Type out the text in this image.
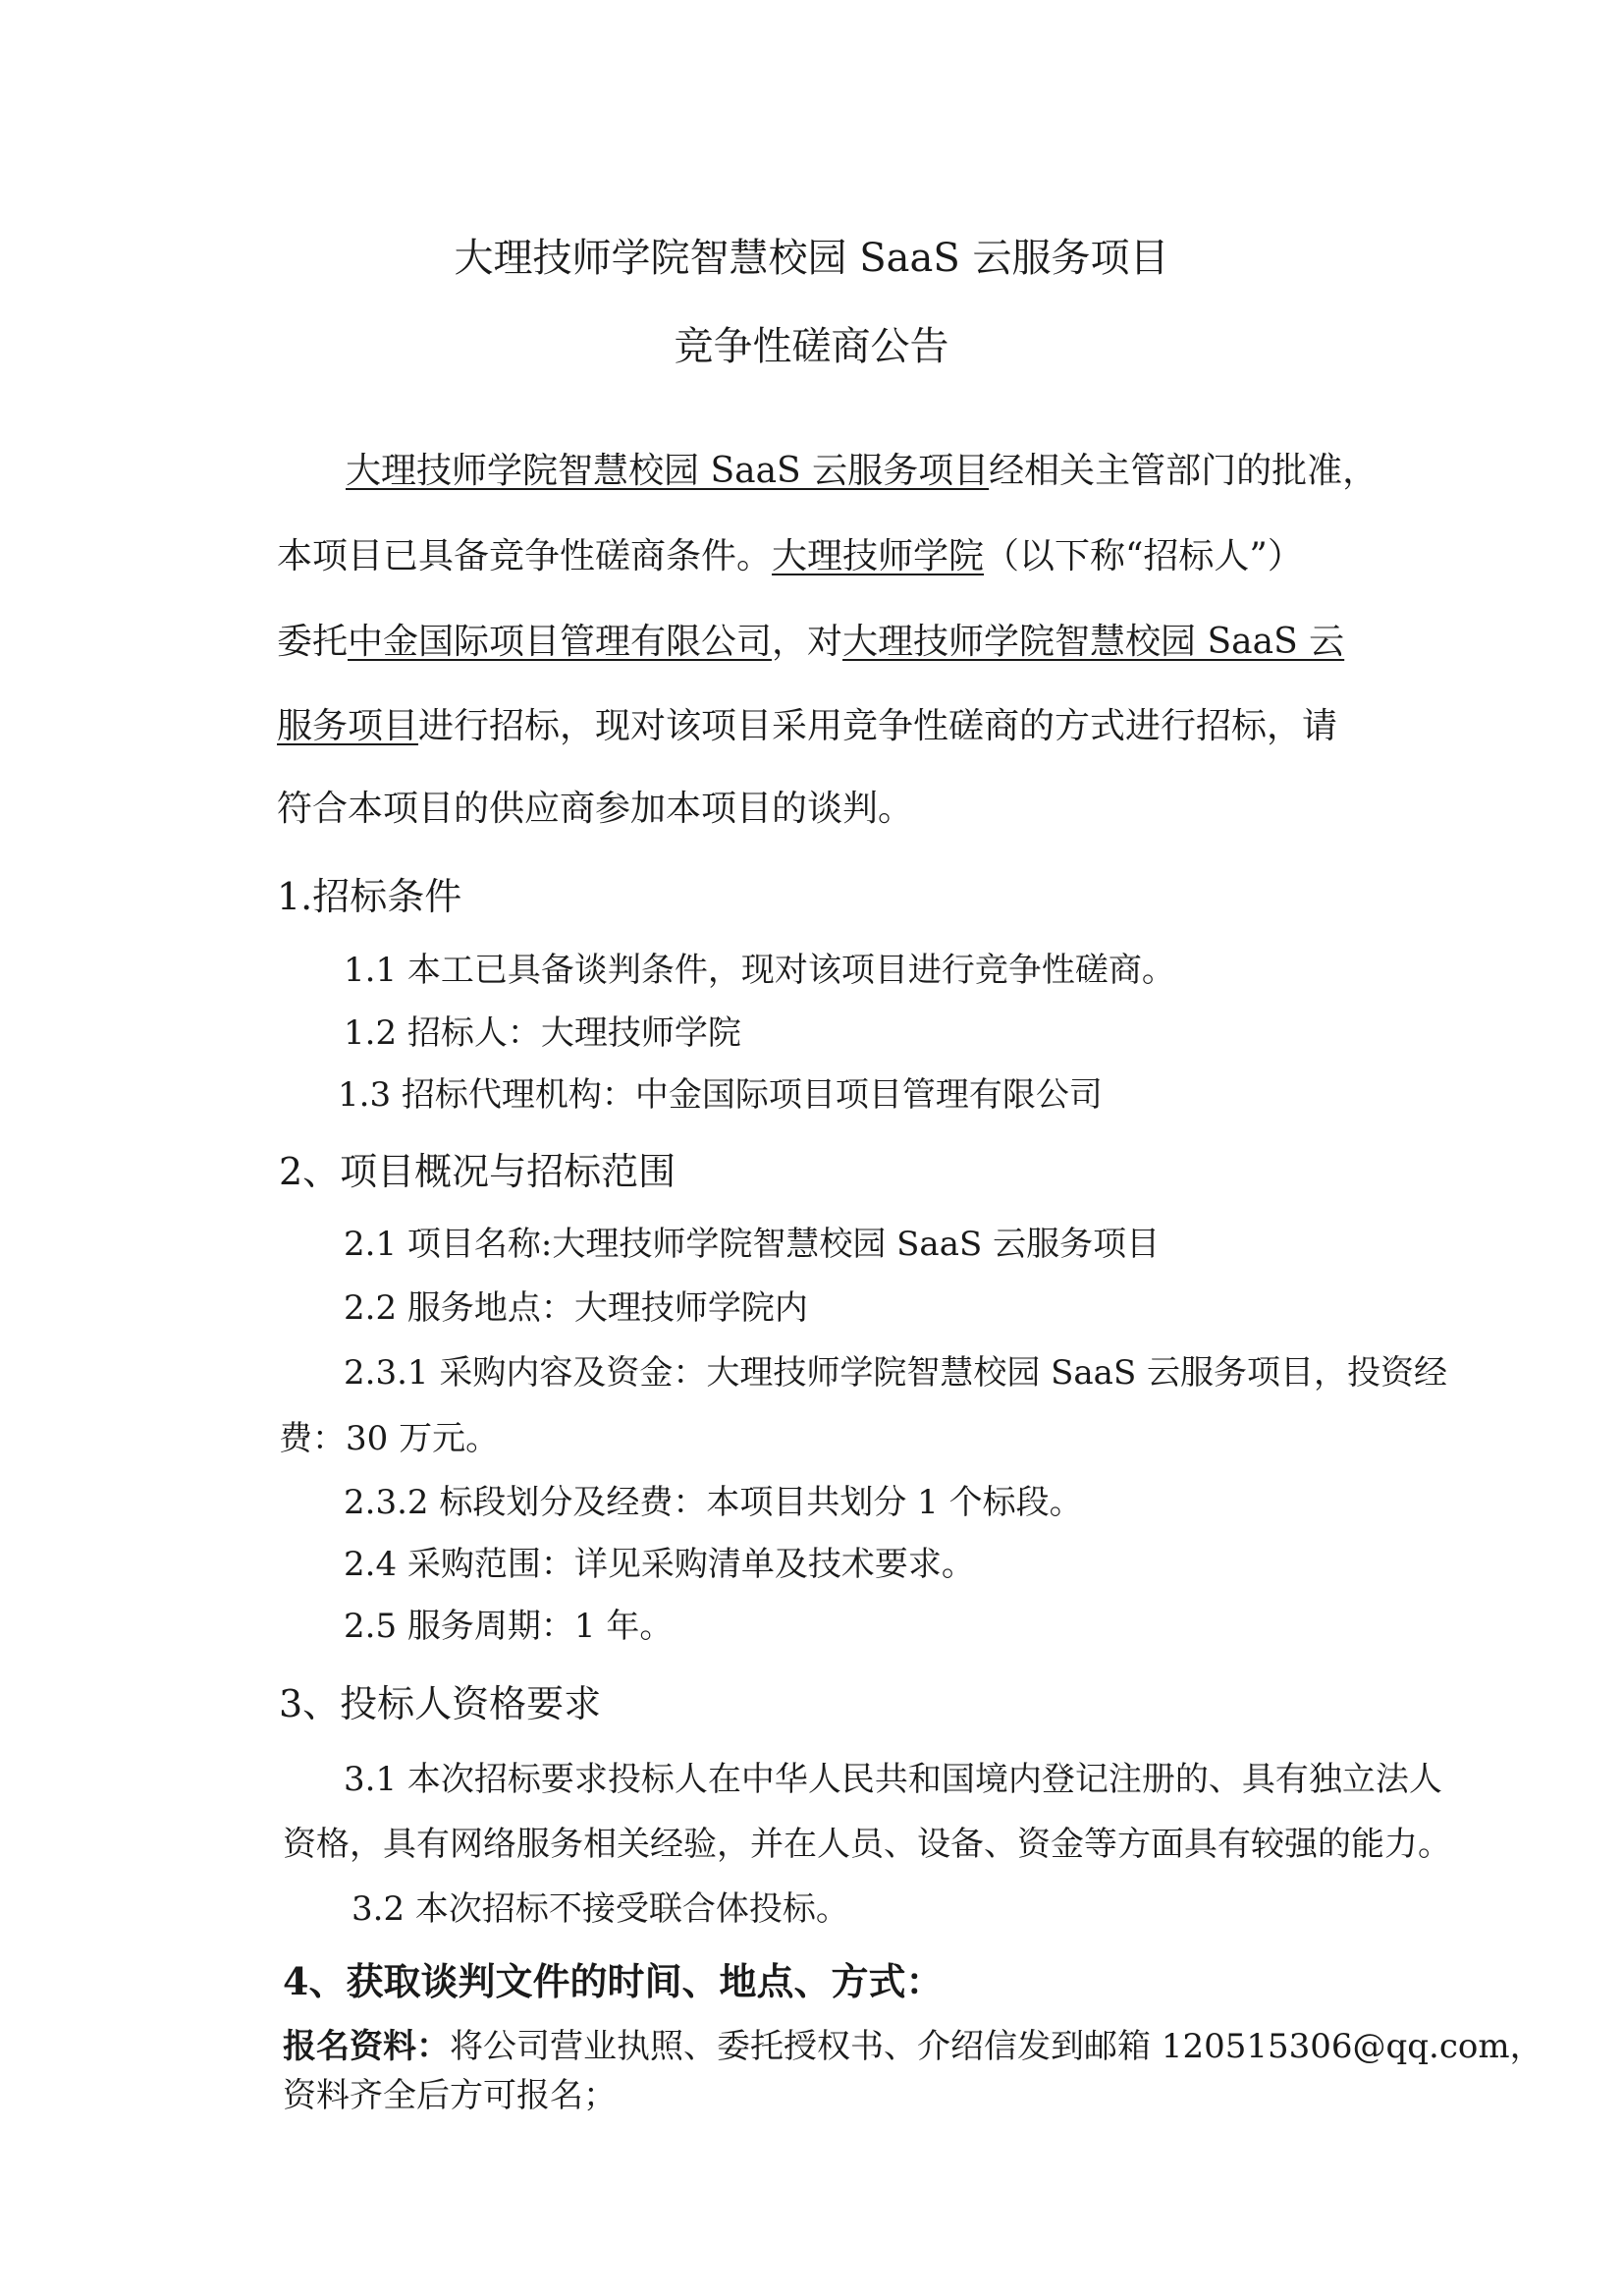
大理技师学院智慧校园 SaaS 云服务项目
竞争性磋商公告
大理技师学院智慧校园 SaaS 云服务项目经相关主管部门的批准，
本项目已具备竞争性磋商条件。大理技师学院（以下称“招标人”）
委托中金国际项目管理有限公司，对大理技师学院智慧校园 SaaS 云
服务项目进行招标，现对该项目采用竞争性磋商的方式进行招标，请
符合本项目的供应商参加本项目的谈判。
1.招标条件
1.1 本工已具备谈判条件，现对该项目进行竞争性磋商。
1.2 招标人：大理技师学院
1.3 招标代理机构：中金国际项目项目管理有限公司
2、项目概况与招标范围
2.1 项目名称:大理技师学院智慧校园 SaaS 云服务项目
2.2 服务地点：大理技师学院内
2.3.1 采购内容及资金：大理技师学院智慧校园 SaaS 云服务项目，投资经
费：30 万元。
2.3.2 标段划分及经费：本项目共划分 1 个标段。
2.4 采购范围：详见采购清单及技术要求。
2.5 服务周期：1 年。
3、投标人资格要求
3.1 本次招标要求投标人在中华人民共和国境内登记注册的、具有独立法人
资格，具有网络服务相关经验，并在人员、设备、资金等方面具有较强的能力。
3.2 本次招标不接受联合体投标。
4、获取谈判文件的时间、地点、方式：
报名资料：将公司营业执照、委托授权书、介绍信发到邮箱 120515306@qq.com，
资料齐全后方可报名；
